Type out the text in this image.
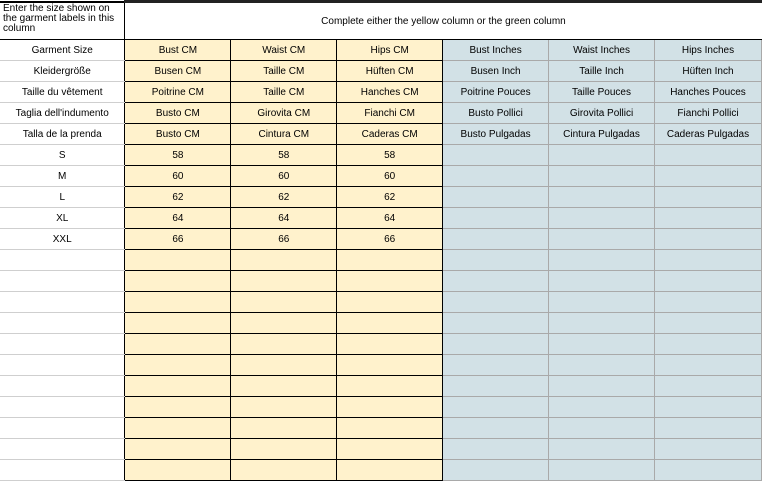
Enter the size shown on the garment labels in this column	Complete either the yellow column or the green column					
Garment Size	Bust CM	Waist CM	Hips CM	Bust Inches	Waist Inches	Hips Inches
Kleidergröße	Busen CM	Taille CM	Hüften CM	Busen Inch	Taille Inch	Hüften Inch
Taille du vêtement	Poitrine CM	Taille CM	Hanches CM	Poitrine Pouces	Taille Pouces	Hanches Pouces
Taglia dell'indumento	Busto CM	Girovita CM	Fianchi CM	Busto Pollici	Girovita Pollici	Fianchi Pollici
Talla de la prenda	Busto CM	Cintura CM	Caderas CM	Busto Pulgadas	Cintura Pulgadas	Caderas Pulgadas
S	58	58	58			
M	60	60	60			
L	62	62	62			
XL	64	64	64			
XXL	66	66	66			
